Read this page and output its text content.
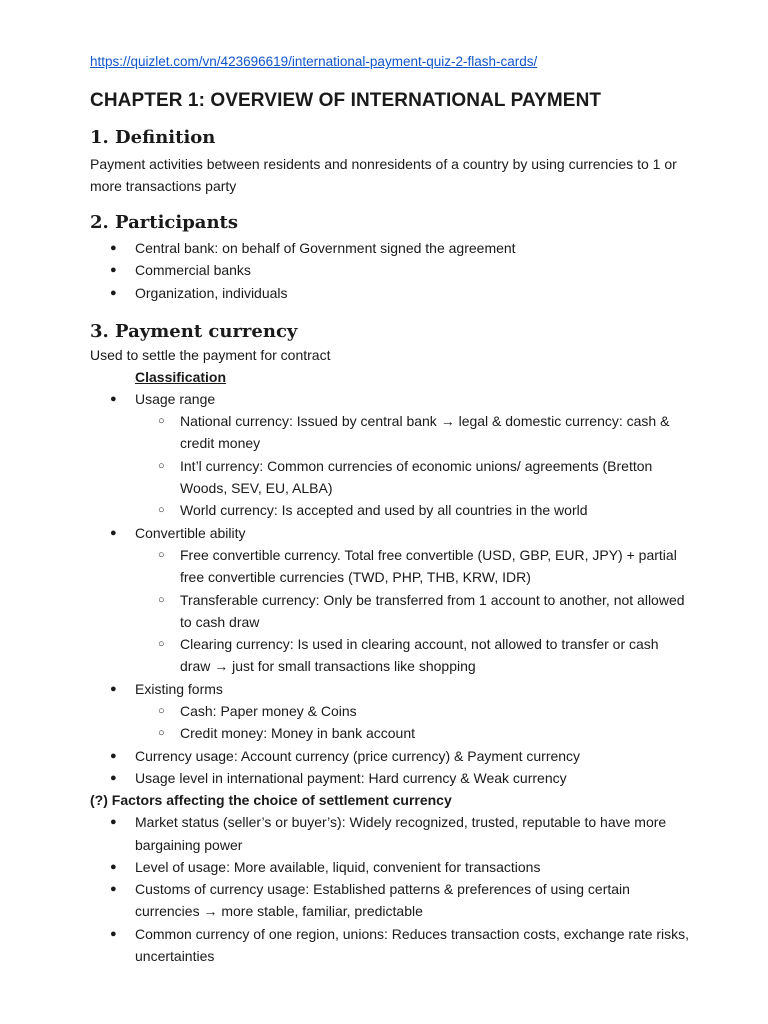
https://quizlet.com/vn/423696619/international-payment-quiz-2-flash-cards/
CHAPTER 1: OVERVIEW OF INTERNATIONAL PAYMENT
1. Definition

Payment activities between residents and nonresidents of a country by using currencies to 1 or more transactions party

2. Participants
● Central bank: on behalf of Government signed the agreement
● Commercial banks
● Organization, individuals
3. Payment currency

Used to settle the payment for contract

Classification
● Usage range
○ National currency: Issued by central bank → legal & domestic currency: cash & credit money
○ Int’l currency: Common currencies of economic unions/ agreements (Bretton Woods, SEV, EU, ALBA)
○ World currency: Is accepted and used by all countries in the world
● Convertible ability
○ Free convertible currency. Total free convertible (USD, GBP, EUR, JPY) + partial free convertible currencies (TWD, PHP, THB, KRW, IDR)
○ Transferable currency: Only be transferred from 1 account to another, not allowed to cash draw
○ Clearing currency: Is used in clearing account, not allowed to transfer or cash draw → just for small transactions like shopping
● Existing forms
○ Cash: Paper money & Coins
○ Credit money: Money in bank account
● Currency usage: Account currency (price currency) & Payment currency
● Usage level in international payment: Hard currency & Weak currency
(?) Factors affecting the choice of settlement currency
● Market status (seller’s or buyer’s): Widely recognized, trusted, reputable to have more bargaining power
● Level of usage: More available, liquid, convenient for transactions
● Customs of currency usage: Established patterns & preferences of using certain currencies → more stable, familiar, predictable
● Common currency of one region, unions: Reduces transaction costs, exchange rate risks, uncertainties
